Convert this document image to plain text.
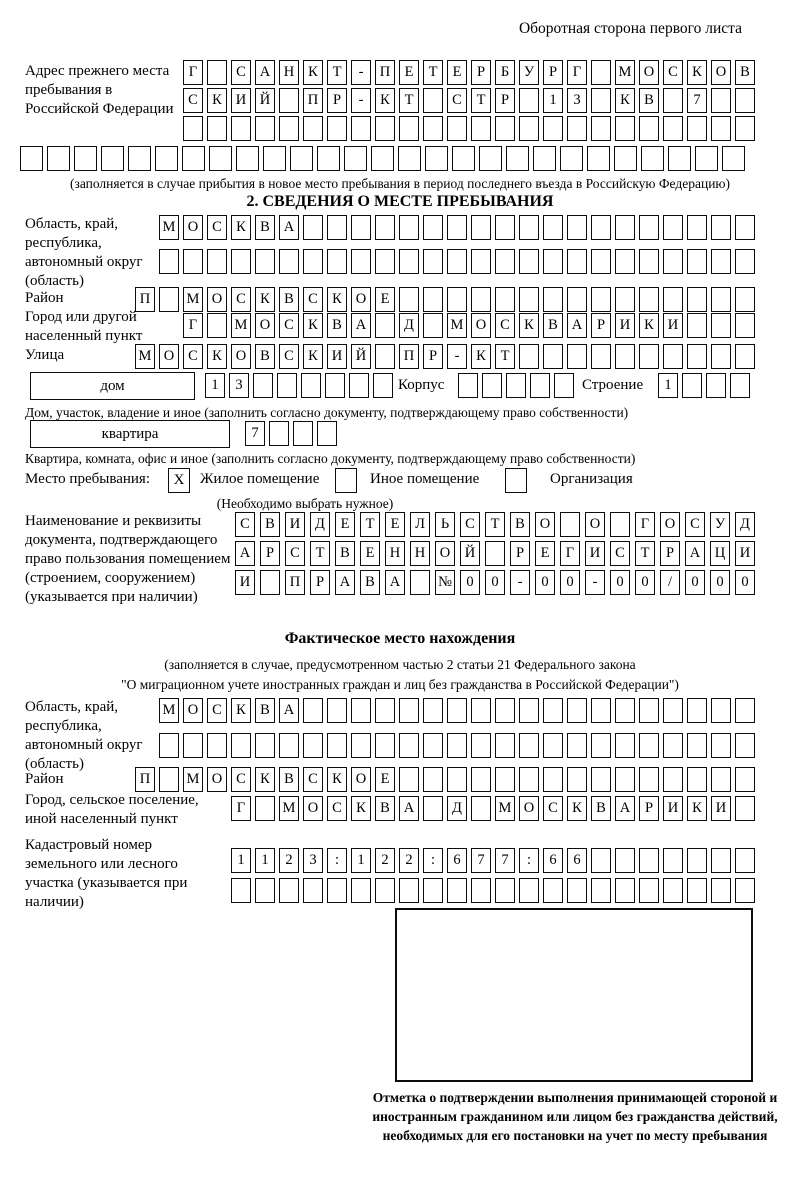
Оборотная сторона первого листа
Адрес прежнего места пребывания в Российской Федерации
Г	С А Н К	Т	-	П Е	Т	Е	Р	Б	У	Р	Г	М О С К О В
С К И Й	П	Р	-	К	Т	С	Т	Р	1	3	К В	7
(заполняется в случае прибытия в новое место пребывания в период последнего въезда в Российскую Федерацию)
2. СВЕДЕНИЯ О МЕСТЕ ПРЕБЫВАНИЯ
Область, край, республика, автономный округ (область)
М О С К В А
Район	П	М О С К В С К О Е
Город или другой населенный пункт
Г	М О С К В А	Д	М О С К В А	Р	И К И
Улица	М О С К О В С К И Й	П	Р	-	К	Т
дом	1	3	Корпус	Строение	1
Дом, участок, владение и иное (заполнить согласно документу, подтверждающему право собственности)
квартира	7
Квартира, комната, офис и иное (заполнить согласно документу, подтверждающему право собственности)
Место пребывания:	X	Жилое помещение	Иное помещение	Организация
(Необходимо выбрать нужное)
Наименование и реквизиты документа, подтверждающего право пользования помещением (строением, сооружением) (указывается при наличии)
С	В	И	Д	Е	Т	Е	Л	Ь	С	Т	В	О	О	Г	О	С	У	Д
А	Р	С	Т	В	Е	Н	Н	О	Й	Р	Е	Г	И	С	Т	Р	А	Ц	И
И	П	Р	А	В	А	№ 0	0	-	0	0	-	0	0	/	0	0	0
Фактическое место нахождения
(заполняется в случае, предусмотренном частью 2 статьи 21 Федерального закона
"О миграционном учете иностранных граждан и лиц без гражданства в Российской Федерации")
Область, край, республика, автономный округ (область)
М О С К В А
Район	П	М О С К В С К О Е
Город, сельское поселение, иной населенный пункт
Г	М О С К В А	Д	М О С К В А	Р	И К И
Кадастровый номер земельного или лесного участка (указывается при наличии)
1	1	2	3	:	1	2	2	:	6	7	7	:	6	6
Отметка о подтверждении выполнения принимающей стороной и иностранным гражданином или лицом без гражданства действий, необходимых для его постановки на учет по месту пребывания
